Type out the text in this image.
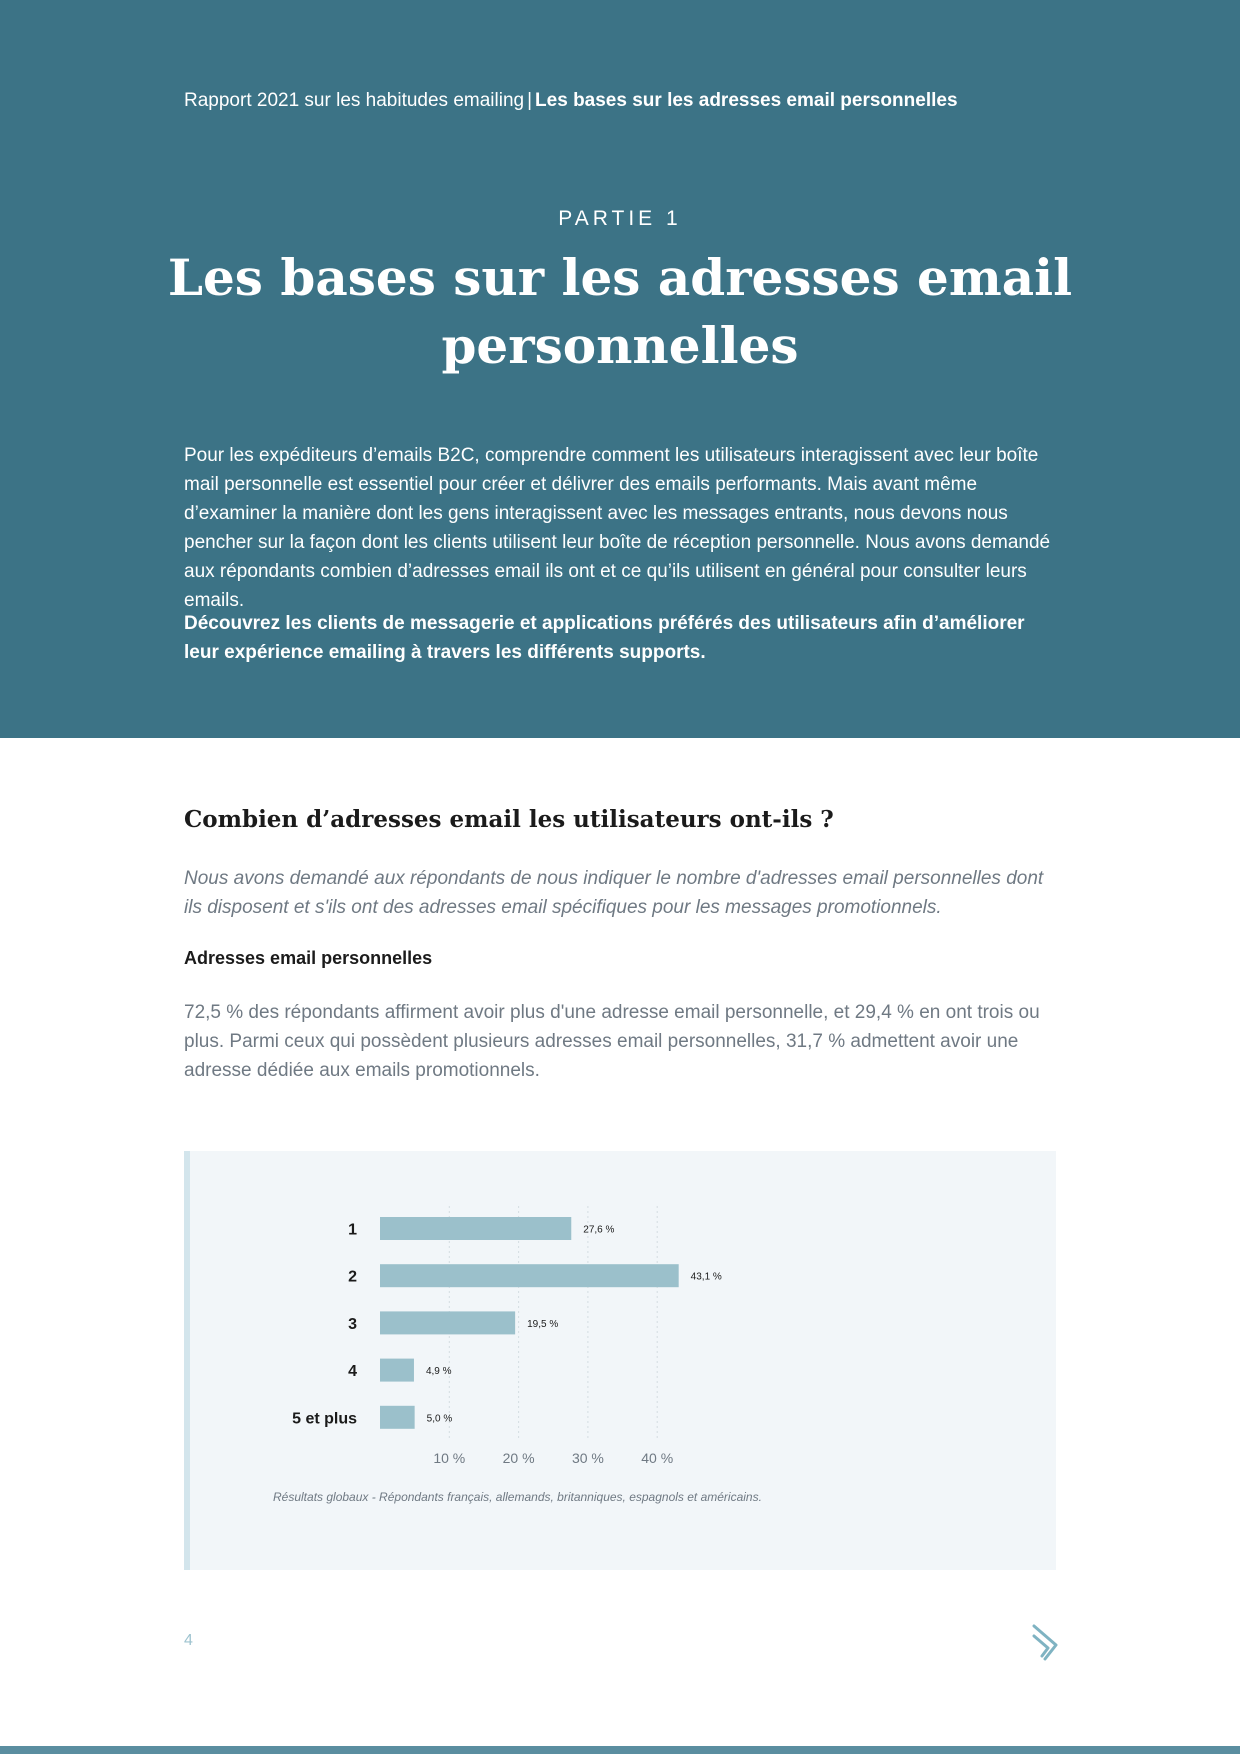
Rapport 2021 sur les habitudes emailing | Les bases sur les adresses email personnelles
PARTIE 1
Les bases sur les adresses email personnelles

Pour les expéditeurs d’emails B2C, comprendre comment les utilisateurs interagissent avec leur boîte mail personnelle est essentiel pour créer et délivrer des emails performants. Mais avant même d’examiner la manière dont les gens interagissent avec les messages entrants, nous devons nous pencher sur la façon dont les clients utilisent leur boîte de réception personnelle. Nous avons demandé aux répondants combien d’adresses email ils ont et ce qu’ils utilisent en général pour consulter leurs emails.

Découvrez les clients de messagerie et applications préférés des utilisateurs afin d’améliorer leur expérience emailing à travers les différents supports.

Combien d’adresses email les utilisateurs ont-ils ?

Nous avons demandé aux répondants de nous indiquer le nombre d'adresses email personnelles dont ils disposent et s'ils ont des adresses email spécifiques pour les messages promotionnels.

Adresses email personnelles

72,5 % des répondants affirment avoir plus d'une adresse email personnelle, et 29,4 % en ont trois ou plus. Parmi ceux qui possèdent plusieurs adresses email personnelles, 31,7 % admettent avoir une adresse dédiée aux emails promotionnels.

10 %	20 %	30 %	40 %
1	27,6 %
2	43,1 %
3	19,5 %
4	4,9 %
5 et plus	5,0 %
Résultats globaux - Répondants français, allemands, britanniques, espagnols et américains.
4
